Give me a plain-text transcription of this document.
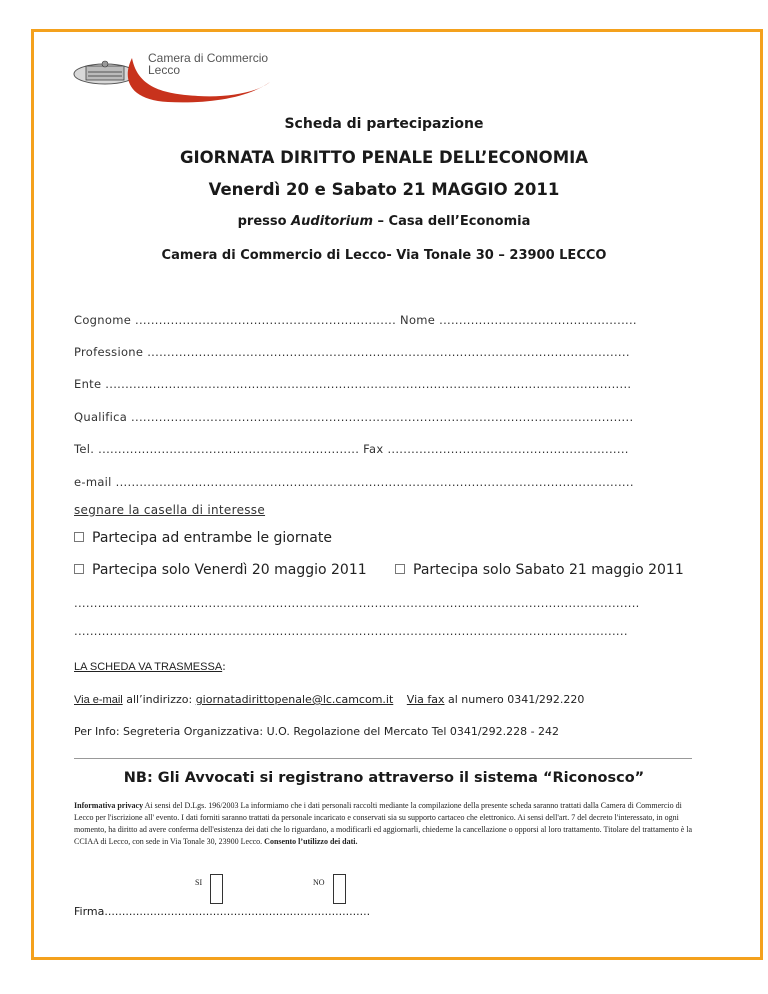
Camera di Commercio
Lecco
Scheda di partecipazione
GIORNATA DIRITTO PENALE DELL’ECONOMIA
Venerdì 20 e Sabato 21 MAGGIO 2011
presso Auditorium – Casa dell’Economia
Camera di Commercio di Lecco- Via Tonale 30 – 23900 LECCO
Cognome .................................................................. Nome ..................................................
Professione ..........................................................................................................................
Ente .....................................................................................................................................
Qualifica ...............................................................................................................................
Tel. .................................................................. Fax .............................................................
e-mail ...................................................................................................................................
segnare la casella di interesse
Partecipa ad entrambe le giornate
Partecipa solo Venerdì 20 maggio 2011	Partecipa solo Sabato 21 maggio 2011
...............................................................................................................................................
............................................................................................................................................
LA SCHEDA VA TRASMESSA:
Via e-mail all’indirizzo: giornatadirittopenale@lc.camcom.it Via fax al numero 0341/292.220
Per Info: Segreteria Organizzativa: U.O. Regolazione del Mercato Tel 0341/292.228 - 242
NB: Gli Avvocati si registrano attraverso il sistema “Riconosco”
Informativa privacy Ai sensi del D.Lgs. 196/2003 La informiamo che i dati personali raccolti mediante la compilazione della presente scheda saranno trattati dalla Camera di Commercio di Lecco per l'iscrizione all' evento. I dati forniti saranno trattati da personale incaricato e conservati sia su supporto cartaceo che elettronico. Ai sensi dell'art. 7 del decreto l'interessato, in ogni momento, ha diritto ad avere conferma dell'esistenza dei dati che lo riguardano, a modificarli ed aggiornarli, chiederne la cancellazione o opporsi al loro trattamento. Titolare del trattamento è la CCIAA di Lecco, con sede in Via Tonale 30, 23900 Lecco. Consento l’utilizzo dei dati.
SI	NO
Firma............................................................................
